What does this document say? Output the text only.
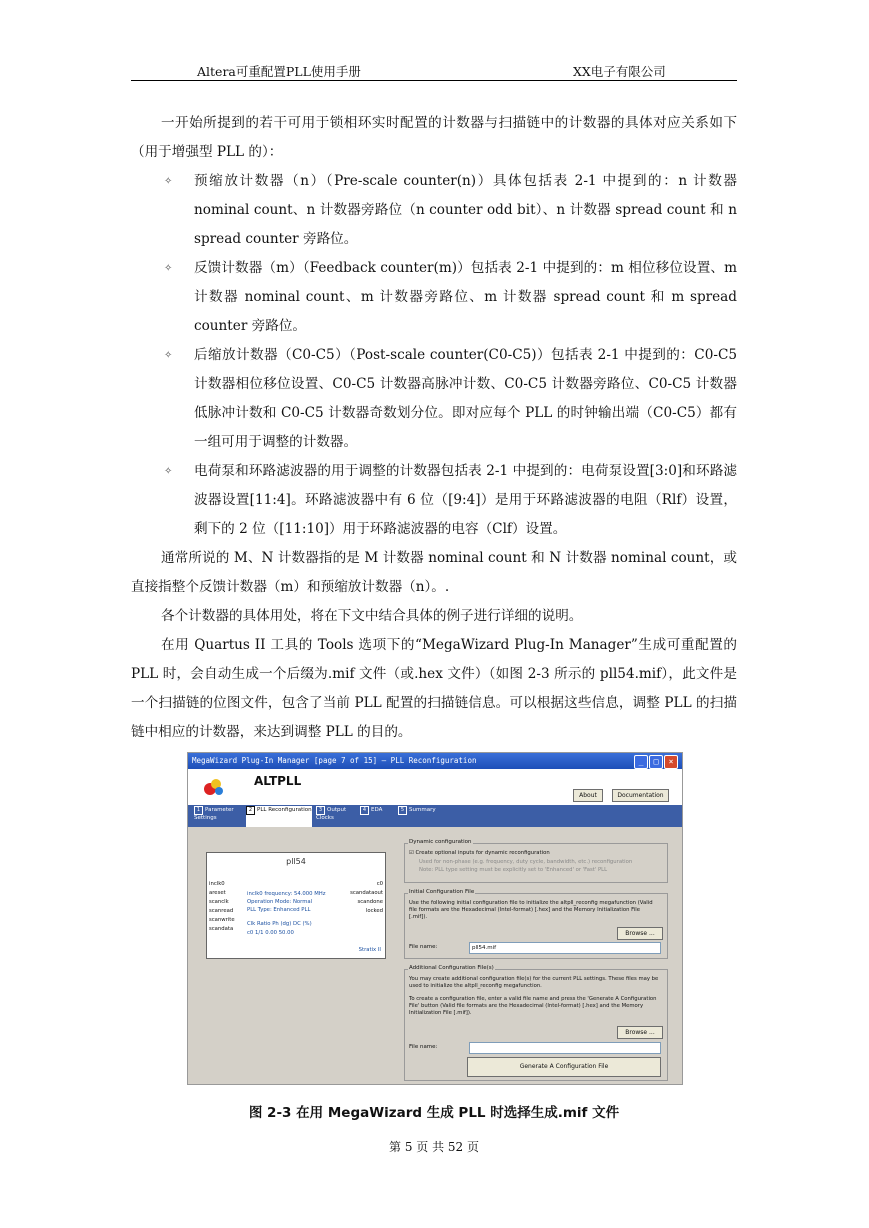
Altera可重配置PLL使用手册	XX电子有限公司

一开始所提到的若干可用于锁相环实时配置的计数器与扫描链中的计数器的具体对应关系如下（用于增强型 PLL 的）：

✧ 预缩放计数器（n）（Pre-scale counter(n)）具体包括表 2-1 中提到的：n 计数器 nominal count、n 计数器旁路位（n counter odd bit）、n 计数器 spread count 和 n spread counter 旁路位。

✧ 反馈计数器（m）（Feedback counter(m)）包括表 2-1 中提到的：m 相位移位设置、m 计数器 nominal count、m 计数器旁路位、m 计数器 spread count 和 m spread counter 旁路位。

✧ 后缩放计数器（C0-C5）（Post-scale counter(C0-C5)）包括表 2-1 中提到的：C0-C5 计数器相位移位设置、C0-C5 计数器高脉冲计数、C0-C5 计数器旁路位、C0-C5 计数器低脉冲计数和 C0-C5 计数器奇数划分位。即对应每个 PLL 的时钟输出端（C0-C5）都有一组可用于调整的计数器。

✧ 电荷泵和环路滤波器的用于调整的计数器包括表 2-1 中提到的：电荷泵设置[3:0]和环路滤波器设置[11:4]。环路滤波器中有 6 位（[9:4]）是用于环路滤波器的电阻（Rlf）设置，剩下的 2 位（[11:10]）用于环路滤波器的电容（Clf）设置。

通常所说的 M、N 计数器指的是 M 计数器 nominal count 和 N 计数器 nominal count，或直接指整个反馈计数器（m）和预缩放计数器（n）。.

各个计数器的具体用处，将在下文中结合具体的例子进行详细的说明。

在用 Quartus II 工具的 Tools 选项下的“MegaWizard Plug-In Manager”生成可重配置的 PLL 时，会自动生成一个后缀为.mif 文件（或.hex 文件）（如图 2-3 所示的 pll54.mif），此文件是一个扫描链的位图文件，包含了当前 PLL 配置的扫描链信息。可以根据这些信息，调整 PLL 的扫描链中相应的计数器，来达到调整 PLL 的目的。

MegaWizard Plug-In Manager [page 7 of 15] — PLL Reconfiguration	_	□	×
ALTPLL
About	Documentation
1 Parameter Settings
2 PLL Reconfiguration	3 Output Clocks
4 EDA	5 Summary
pll54
inclk0
areset
scanclk
scanread
scanwrite
scandata
c0
scandataout
scandone
locked
inclk0 frequency: 54.000 MHz
Operation Mode: Normal
PLL Type: Enhanced PLL
Clk Ratio Ph (dg) DC (%)
c0 1/1 0.00 50.00
Stratix II
Dynamic configuration
☑ Create optional inputs for dynamic reconfiguration
Used for non-phase (e.g. frequency, duty cycle, bandwidth, etc.) reconfiguration
Note: PLL type setting must be explicitly set to 'Enhanced' or 'Fast' PLL
Initial Configuration File
Use the following initial configuration file to initialize the altpll_reconfig megafunction (Valid file formats are the Hexadecimal (Intel-format) [.hex] and the Memory Initialization File [.mif]).
Browse ...
File name:	pll54.mif
Additional Configuration File(s)
You may create additional configuration file(s) for the current PLL settings. These files may be used to initialize the altpll_reconfig megafunction.
To create a configuration file, enter a valid file name and press the 'Generate A Configuration File' button (Valid file formats are the Hexadecimal (Intel-format) [.hex] and the Memory Initialization File [.mif]).
Browse ...
File name:
Generate A Configuration File
图 2-3 在用 MegaWizard 生成 PLL 时选择生成.mif 文件
第 5 页 共 52 页
